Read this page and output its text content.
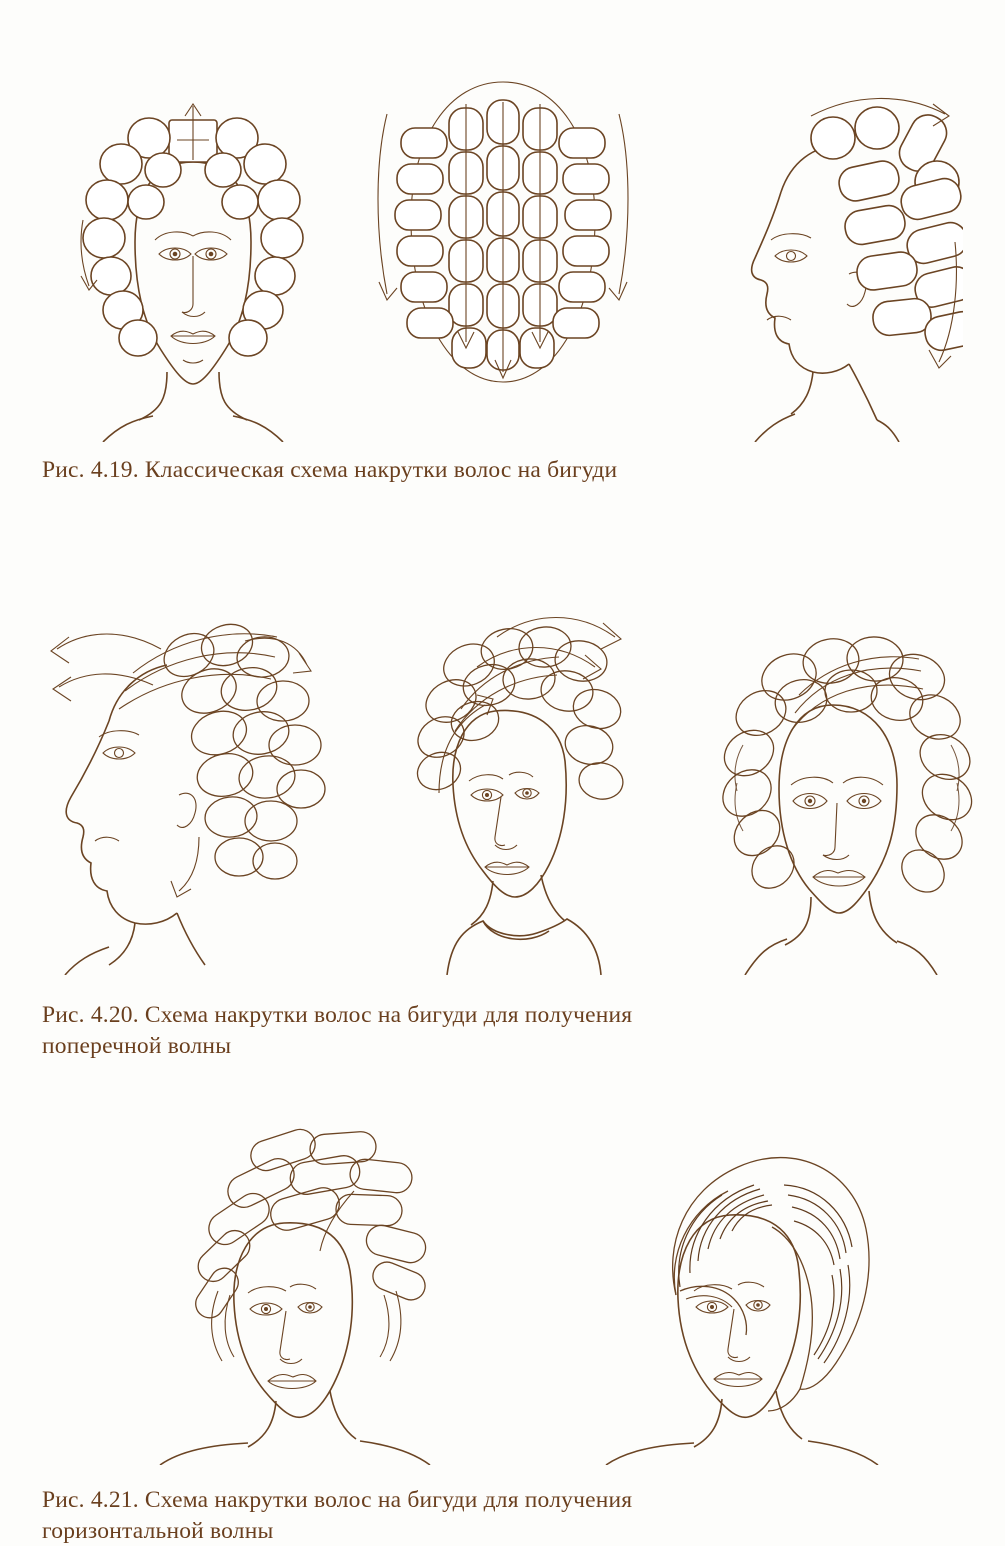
Рис. 4.19. Классическая схема накрутки волос на бигуди
Рис. 4.20. Схема накрутки волос на бигуди для получения
поперечной волны
Рис. 4.21. Схема накрутки волос на бигуди для получения
горизонтальной волны
